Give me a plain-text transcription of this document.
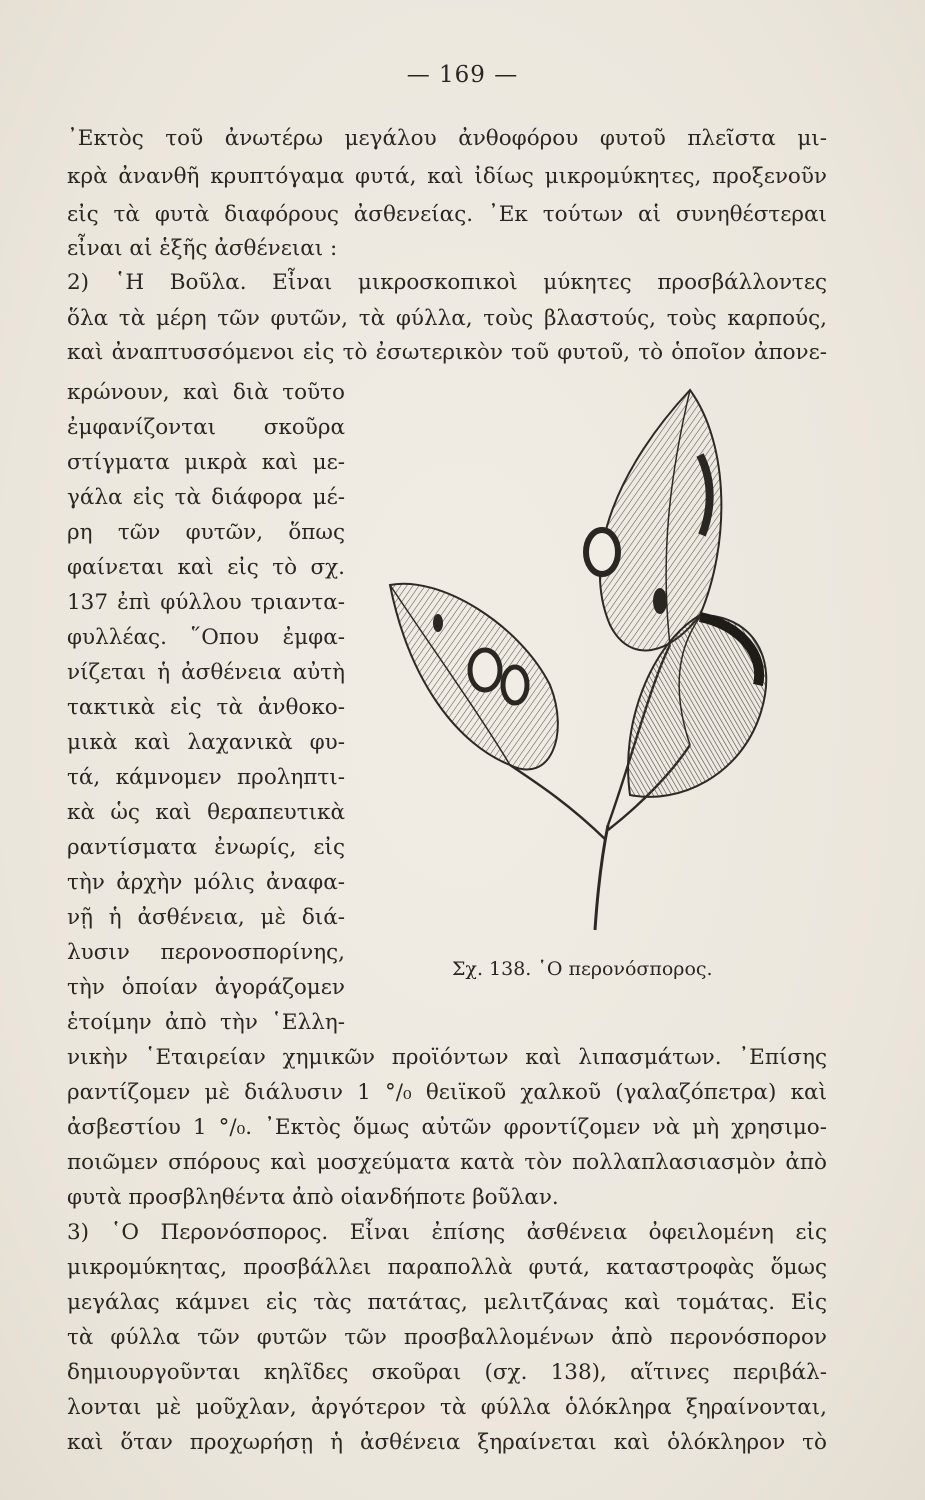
— 169 —
᾿Εκτὸς τοῦ ἀνωτέρω μεγάλου ἀνθοφόρου φυτοῦ πλεῖστα μι-
κρὰ ἀνανθῆ κρυπτόγαμα φυτά, καὶ ἰδίως μικρομύκητες, προξενοῦν
εἰς τὰ φυτὰ διαφόρους ἀσθενείας. ᾿Εκ τούτων αἱ συνηθέστεραι
εἶναι αἱ ἑξῆς ἀσθένειαι :
2) ῾Η Βοῦλα. Εἶναι μικροσκοπικοὶ μύκητες προσβάλλοντες
ὅλα τὰ μέρη τῶν φυτῶν, τὰ φύλλα, τοὺς βλαστούς, τοὺς καρπούς,
καὶ ἀναπτυσσόμενοι εἰς τὸ ἐσωτερικὸν τοῦ φυτοῦ, τὸ ὁποῖον ἀπονε-
κρώνουν, καὶ διὰ τοῦτο
ἐμφανίζονται σκοῦρα
στίγματα μικρὰ καὶ με-
γάλα εἰς τὰ διάφορα μέ-
ρη τῶν φυτῶν, ὅπως
φαίνεται καὶ εἰς τὸ σχ.
137 ἐπὶ φύλλου τριαντα-
φυλλέας. ῞Οπου ἐμφα-
νίζεται ἡ ἀσθένεια αὐτὴ
τακτικὰ εἰς τὰ ἀνθοκο-
μικὰ καὶ λαχανικὰ φυ-
τά, κάμνομεν προληπτι-
κὰ ὡς καὶ θεραπευτικὰ
ραντίσματα ἐνωρίς, εἰς
τὴν ἀρχὴν μόλις ἀναφα-
νῇ ἡ ἀσθένεια, μὲ διά-
λυσιν περονοσπορίνης,
τὴν ὁποίαν ἀγοράζομεν
ἑτοίμην ἀπὸ τὴν ῾Ελλη-
Σχ. 138. ῾Ο περονόσπορος.
νικὴν ῾Εταιρείαν χημικῶν προϊόντων καὶ λιπασμάτων. ᾿Επίσης
ραντίζομεν μὲ διάλυσιν 1 °/₀ θειϊκοῦ χαλκοῦ (γαλαζόπετρα) καὶ
ἀσβεστίου 1 °/₀. ᾿Εκτὸς ὅμως αὐτῶν φροντίζομεν νὰ μὴ χρησιμο-
ποιῶμεν σπόρους καὶ μοσχεύματα κατὰ τὸν πολλαπλασιασμὸν ἀπὸ
φυτὰ προσβληθέντα ἀπὸ οἱανδήποτε βοῦλαν.
3) ῾Ο Περονόσπορος. Εἶναι ἐπίσης ἀσθένεια ὀφειλομένη εἰς
μικρομύκητας, προσβάλλει παραπολλὰ φυτά, καταστροφὰς ὅμως
μεγάλας κάμνει εἰς τὰς πατάτας, μελιτζάνας καὶ τομάτας. Εἰς
τὰ φύλλα τῶν φυτῶν τῶν προσβαλλομένων ἀπὸ περονόσπορον
δημιουργοῦνται κηλῖδες σκοῦραι (σχ. 138), αἵτινες περιβάλ-
λονται μὲ μοῦχλαν, ἀργότερον τὰ φύλλα ὁλόκληρα ξηραίνονται,
καὶ ὅταν προχωρήσῃ ἡ ἀσθένεια ξηραίνεται καὶ ὁλόκληρον τὸ
